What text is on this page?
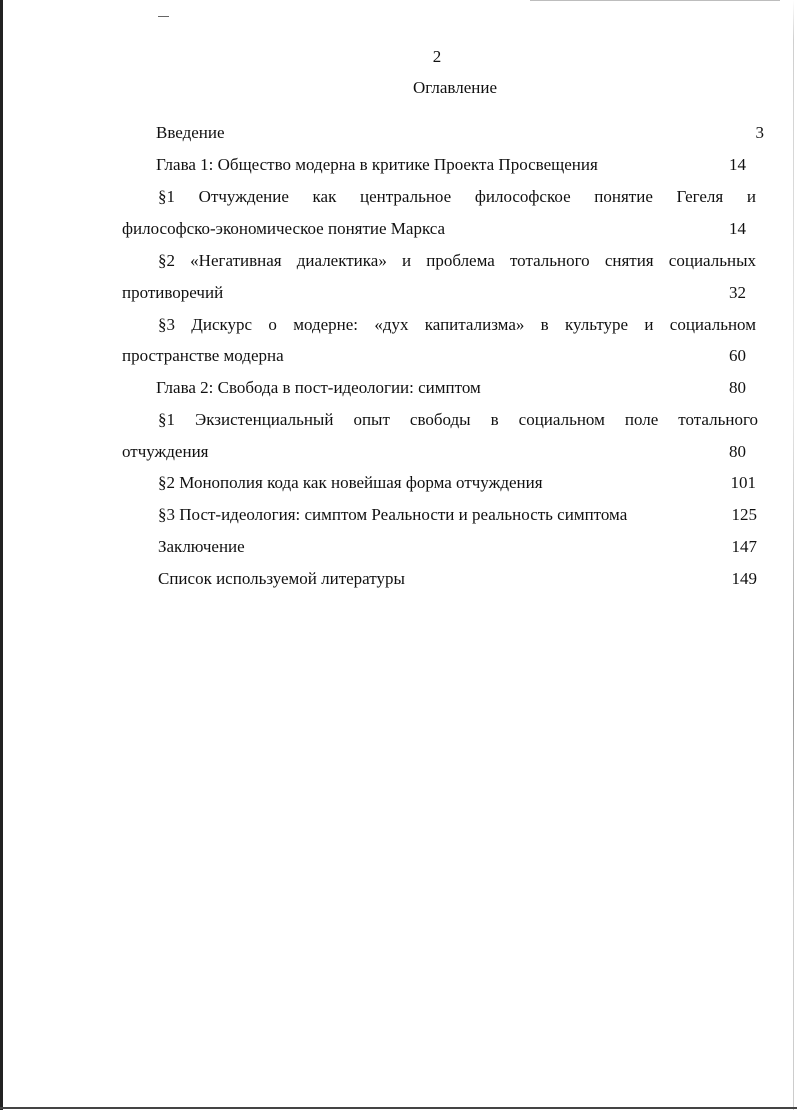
2
Оглавление
Введение	3
Глава 1: Общество модерна в критике Проекта Просвещения	14
§1 Отчуждение как центральное философское понятие Гегеля и
философско-экономическое понятие Маркса	14
§2 «Негативная диалектика» и проблема тотального снятия социальных
противоречий	32
§3 Дискурс о модерне: «дух капитализма» в культуре и социальном
пространстве модерна	60
Глава 2: Свобода в пост-идеологии: симптом	80
§1 Экзистенциальный опыт свободы в социальном поле тотального
отчуждения	80
§2 Монополия кода как новейшая форма отчуждения	101
§3 Пост-идеология: симптом Реальности и реальность симптома	125
Заключение	147
Список используемой литературы	149
